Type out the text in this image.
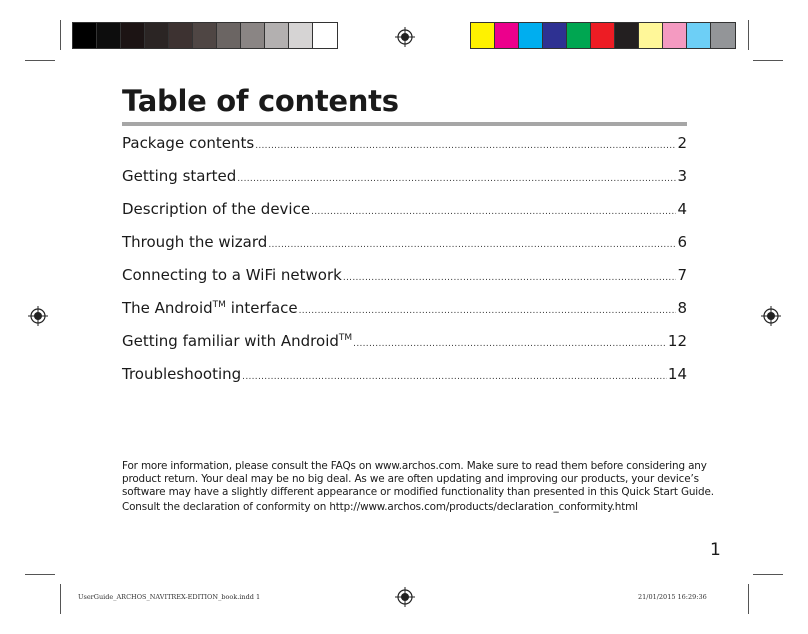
Table of contents
Package contents .....	2
Getting started .....	3
Description of the device .....	4
Through the wizard .....	6
Connecting to a WiFi network .....	7
The Android™ interface .....	8
Getting familiar with Android™ .....	12
Troubleshooting .....	14

For more information, please consult the FAQs on www.archos.com. Make sure to read them before considering any product return. Your deal may be no big deal. As we are often updating and improving our products, your device’s software may have a slightly different appearance or modified functionality than presented in this Quick Start Guide.

Consult the declaration of conformity on http://www.archos.com/products/declaration_conformity.html

1
UserGuide_ARCHOS_NAVITREX-EDITION_book.indd 1	21/01/2015 16:29:36
